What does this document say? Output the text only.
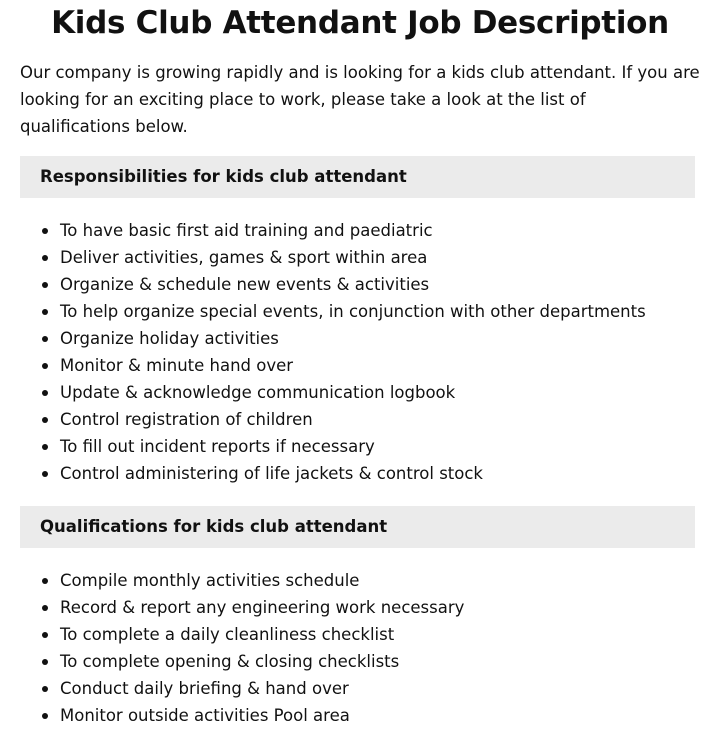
Kids Club Attendant Job Description

Our company is growing rapidly and is looking for a kids club attendant. If you are looking for an exciting place to work, please take a look at the list of qualifications below.

Responsibilities for kids club attendant
To have basic first aid training and paediatric
Deliver activities, games & sport within area
Organize & schedule new events & activities
To help organize special events, in conjunction with other departments
Organize holiday activities
Monitor & minute hand over
Update & acknowledge communication logbook
Control registration of children
To fill out incident reports if necessary
Control administering of life jackets & control stock
Qualifications for kids club attendant
Compile monthly activities schedule
Record & report any engineering work necessary
To complete a daily cleanliness checklist
To complete opening & closing checklists
Conduct daily briefing & hand over
Monitor outside activities Pool area
